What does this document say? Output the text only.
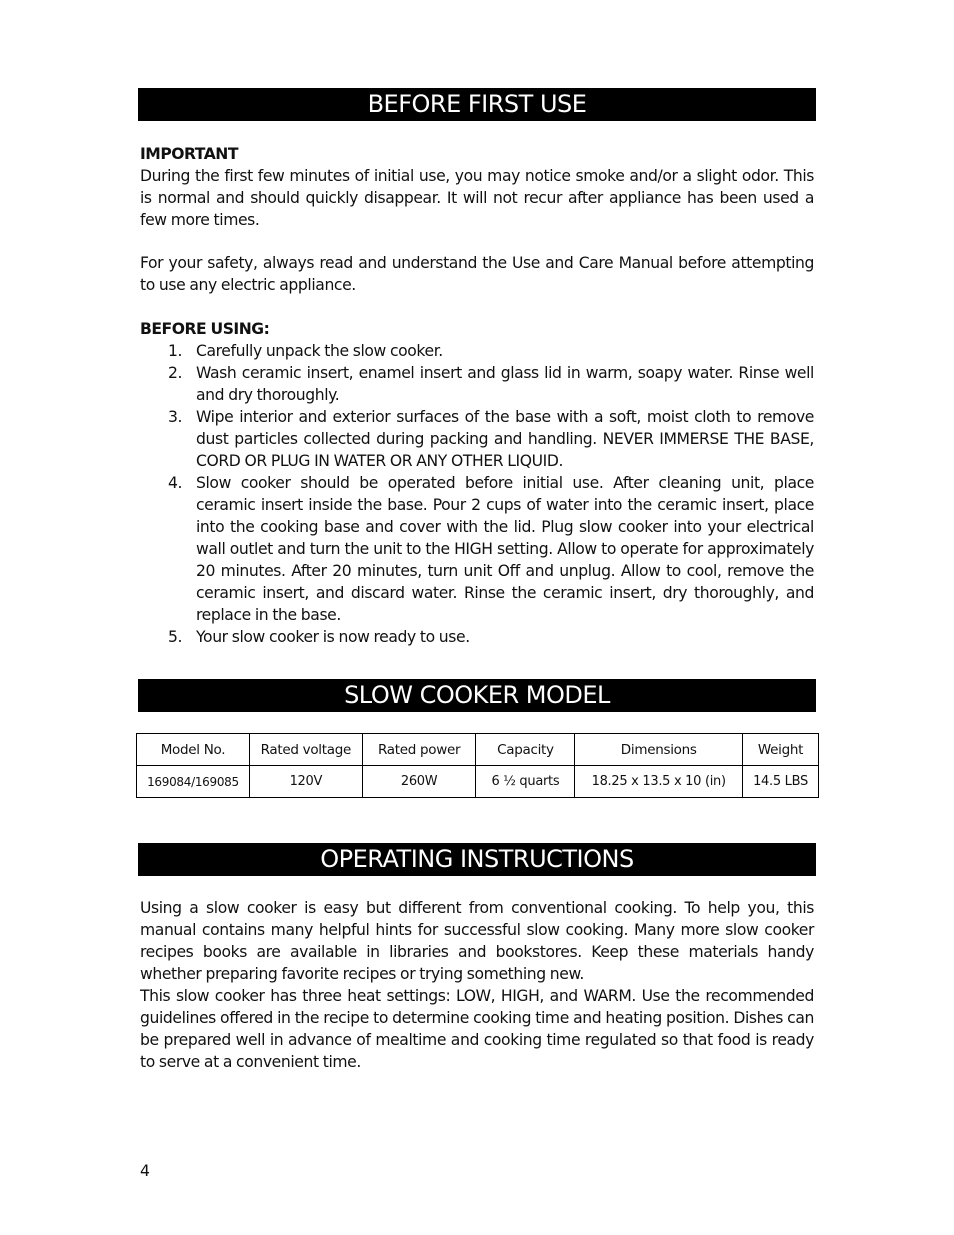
BEFORE FIRST USE

IMPORTANT

During the first few minutes of initial use, you may notice smoke and/or a slight odor. This is normal and should quickly disappear. It will not recur after appliance has been used a few more times.

For your safety, always read and understand the Use and Care Manual before attempting to use any electric appliance.

BEFORE USING:

1. Carefully unpack the slow cooker.
2. Wash ceramic insert, enamel insert and glass lid in warm, soapy water. Rinse well and dry thoroughly.
3. Wipe interior and exterior surfaces of the base with a soft, moist cloth to remove dust particles collected during packing and handling. NEVER IMMERSE THE BASE, CORD OR PLUG IN WATER OR ANY OTHER LIQUID.
4. Slow cooker should be operated before initial use. After cleaning unit, place ceramic insert inside the base. Pour 2 cups of water into the ceramic insert, place into the cooking base and cover with the lid. Plug slow cooker into your electrical wall outlet and turn the unit to the HIGH setting. Allow to operate for approximately 20 minutes. After 20 minutes, turn unit Off and unplug. Allow to cool, remove the ceramic insert, and discard water. Rinse the ceramic insert, dry thoroughly, and replace in the base.
5. Your slow cooker is now ready to use.
SLOW COOKER MODEL
Model No.	Rated voltage	Rated power	Capacity	Dimensions	Weight
169084/169085	120V	260W	6 ½ quarts	18.25 x 13.5 x 10 (in)	14.5 LBS
OPERATING INSTRUCTIONS

Using a slow cooker is easy but different from conventional cooking. To help you, this manual contains many helpful hints for successful slow cooking. Many more slow cooker recipes books are available in libraries and bookstores. Keep these materials handy whether preparing favorite recipes or trying something new.

This slow cooker has three heat settings: LOW, HIGH, and WARM. Use the recommended guidelines offered in the recipe to determine cooking time and heating position. Dishes can be prepared well in advance of mealtime and cooking time regulated so that food is ready to serve at a convenient time.

4
